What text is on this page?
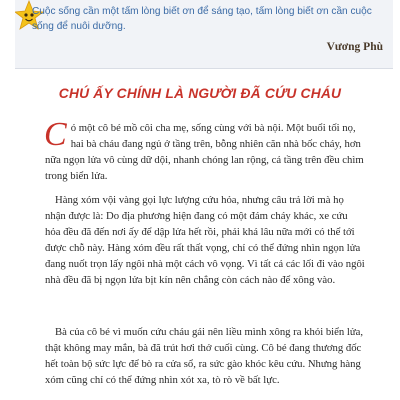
Cuộc sống cần một tấm lòng biết ơn để sáng tạo, tấm lòng biết ơn cần cuộc sống để nuôi dưỡng.
Vương Phù
CHÚ ẤY CHÍNH LÀ NGƯỜI ĐÃ CỨU CHÁU

Có một cô bé mồ côi cha mẹ, sống cùng với bà nội. Một buổi tối nọ, hai bà cháu đang ngủ ở tầng trên, bỗng nhiên căn nhà bốc cháy, hơn nữa ngọn lửa vô cùng dữ dội, nhanh chóng lan rộng, cả tầng trên đều chìm trong biển lửa.

Hàng xóm vội vàng gọi lực lượng cứu hỏa, nhưng câu trả lời mà họ nhận được là: Do địa phương hiện đang có một đám cháy khác, xe cứu hỏa đều đã đến nơi ấy để dập lửa hết rồi, phải khá lâu nữa mới có thể tới được chỗ này. Hàng xóm đều rất thất vọng, chỉ có thể đứng nhìn ngọn lửa đang nuốt trọn lấy ngôi nhà một cách vô vọng. Vì tất cả các lối đi vào ngôi nhà đều đã bị ngọn lửa bịt kín nên chẳng còn cách nào để xông vào.

Bà của cô bé vì muốn cứu cháu gái nên liều mình xông ra khỏi biển lửa, thật không may mắn, bà đã trút hơi thở cuối cùng. Cô bé đang thương đốc hết toàn bộ sức lực để bò ra cửa sổ, ra sức gào khóc kêu cứu. Nhưng hàng xóm cũng chỉ có thể đứng nhìn xót xa, tò rò về bất lực.
